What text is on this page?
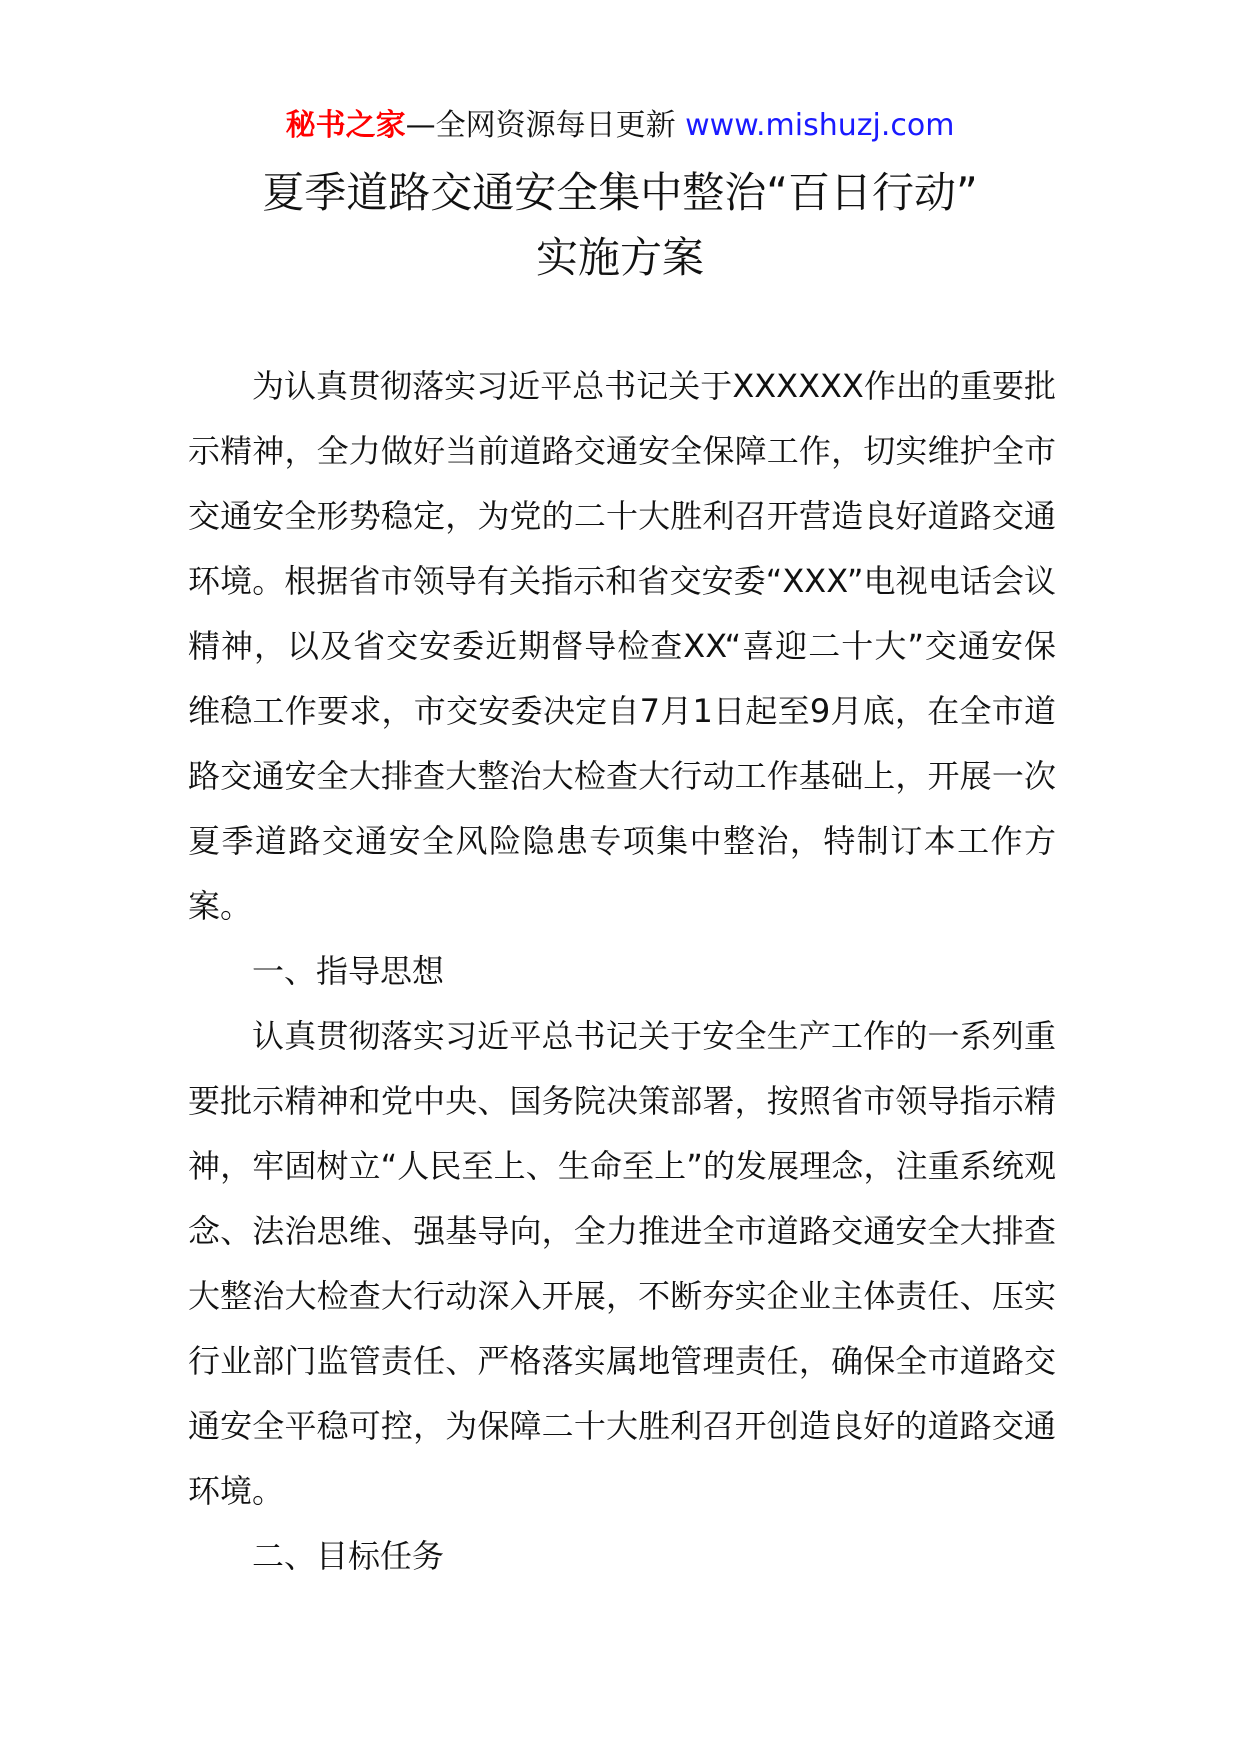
秘书之家—全网资源每日更新 www.mishuzj.com
夏季道路交通安全集中整治“百日行动”
实施方案

为认真贯彻落实习近平总书记关于XXXXXX作出的重要批示精神，全力做好当前道路交通安全保障工作，切实维护全市交通安全形势稳定，为党的二十大胜利召开营造良好道路交通环境。根据省市领导有关指示和省交安委“XXX”电视电话会议精神，以及省交安委近期督导检查XX“喜迎二十大”交通安保维稳工作要求，市交安委决定自7月1日起至9月底，在全市道路交通安全大排查大整治大检查大行动工作基础上，开展一次夏季道路交通安全风险隐患专项集中整治，特制订本工作方案。

一、指导思想

认真贯彻落实习近平总书记关于安全生产工作的一系列重要批示精神和党中央、国务院决策部署，按照省市领导指示精神，牢固树立“人民至上、生命至上”的发展理念，注重系统观念、法治思维、强基导向，全力推进全市道路交通安全大排查大整治大检查大行动深入开展，不断夯实企业主体责任、压实行业部门监管责任、严格落实属地管理责任，确保全市道路交通安全平稳可控，为保障二十大胜利召开创造良好的道路交通环境。

二、目标任务
